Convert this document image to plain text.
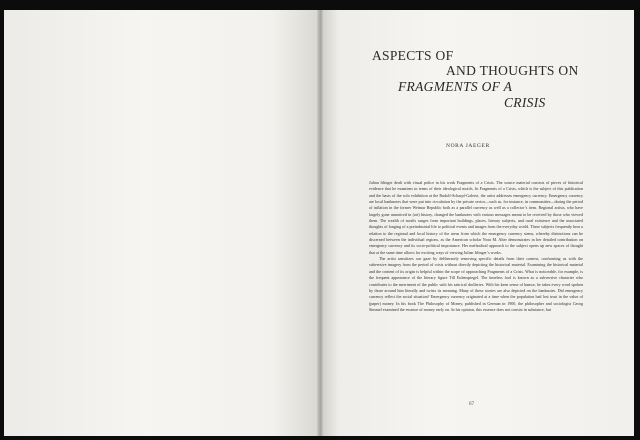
ASPECTS OF
AND THOUGHTS ON
FRAGMENTS OF A
CRISIS
NORA JAEGER

Julian Irlinger dealt with visual police in his work Fragments of a Crisis. The source material consists of pieces of historical evidence that he examines in terms of their ideological motifs. In Fragments of a Crisis, which is the subject of this publication and the basis of the solo exhibition at the Rudolf-Scharpf-Galerie, the artist addresses emergency currency. Emergency currency are local banknotes that were put into circulation by the private sector—such as, for instance, in communities—during the period of inflation in the former Weimar Republic both as a parallel currency as well as a collector’s item. Regional artists, who have largely gone unnoticed in (art) history, changed the banknotes with various messages meant to be received by those who viewed them. The wealth of motifs ranges from important buildings, places, literary subjects, and rural existence and the associated thoughts of longing of a preindustrial life to political events and images from the everyday world. These subjects frequently bear a relation to the regional and local history of the areas from which the emergency currency stems, whereby distinctions can be discerned between the individual regions, as the American scholar Nora M. Alter demonstrates in her detailed contribution on emergency currency and its socio-political importance. Her methodical approach to the subject opens up new spaces of thought that at the same time allows for exciting ways of viewing Julian Irlinger’s works.

The artist sensitizes our gaze by deliberately removing specific details from their context, confronting us with the subversive imagery from the period of crisis without directly depicting the historical material. Examining the historical material and the content of its origin is helpful within the scope of approaching Fragments of a Crisis. What is noticeable, for example, is the frequent appearance of the literary figure Till Eulenspiegel. The timeless fool is known as a subversive character who contributes to the merriment of the public with his satirical drolleries. With his keen sense of humor, he takes every word spoken by those around him literally and twists its meaning. Many of these stories are also depicted on the banknotes. Did emergency currency reflect the social situation? Emergency currency originated at a time when the population had lost trust in the value of (paper) money. In his book The Philosophy of Money, published in German in 1900, the philosopher and sociologist Georg Simmel examined the essence of money early on. In his opinion, this essence does not consist in substance, but

67
